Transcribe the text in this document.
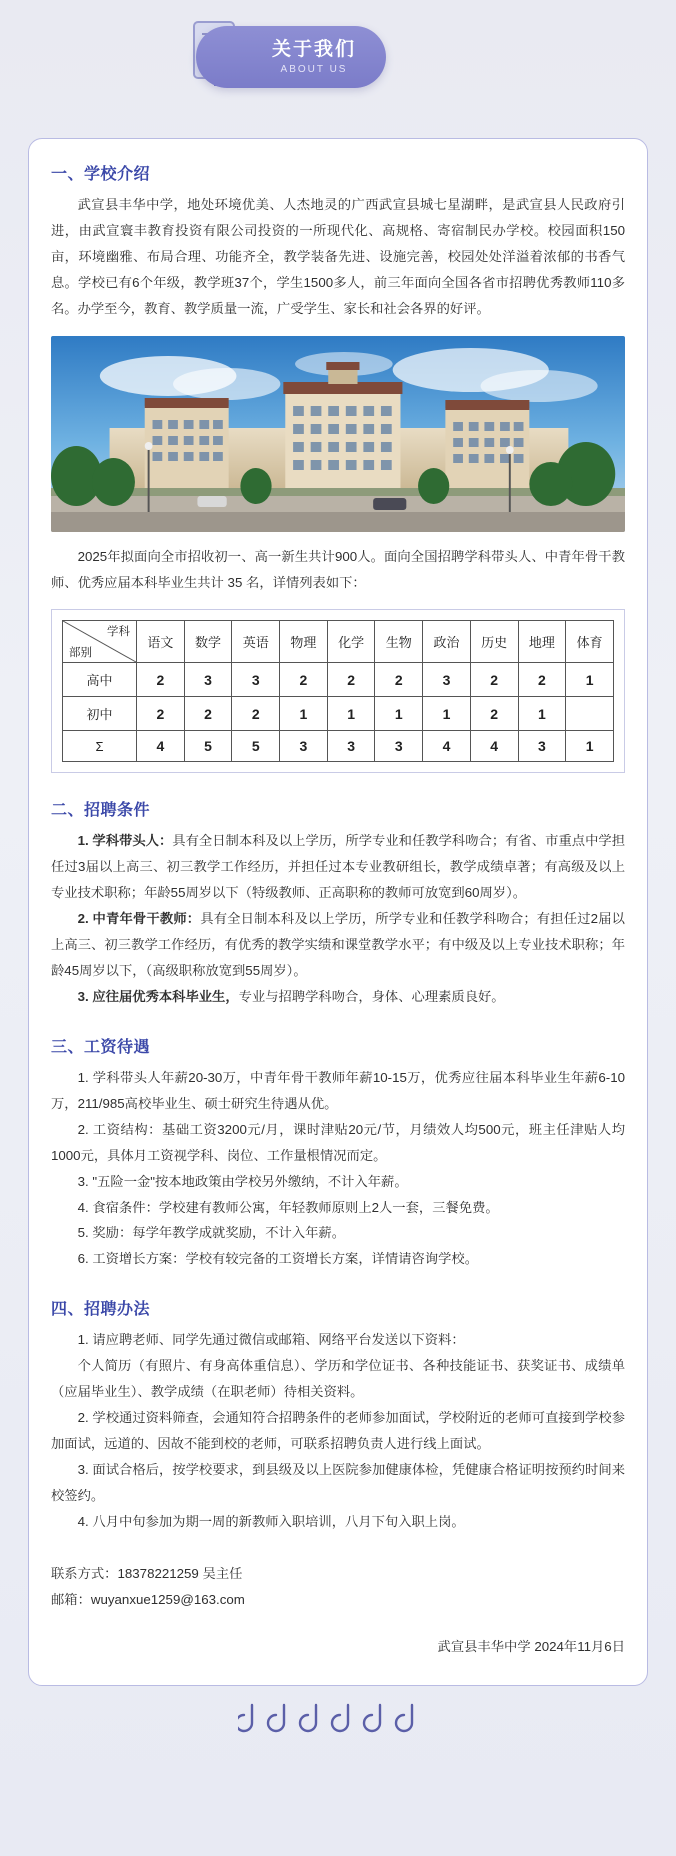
关于我们
ABOUT US
一、学校介绍

武宣县丰华中学，地处环境优美、人杰地灵的广西武宣县城七星湖畔，是武宣县人民政府引进，由武宣寰丰教育投资有限公司投资的一所现代化、高规格、寄宿制民办学校。校园面积150亩，环境幽雅、布局合理、功能齐全，教学装备先进、设施完善，校园处处洋溢着浓郁的书香气息。学校已有6个年级，教学班37个，学生1500多人，前三年面向全国各省市招聘优秀教师110多名。办学至今，教育、教学质量一流，广受学生、家长和社会各界的好评。

2025年拟面向全市招收初一、高一新生共计900人。面向全国招聘学科带头人、中青年骨干教师、优秀应届本科毕业生共计 35 名，详情列表如下：

学科
部别	语文	数学	英语	物理	化学	生物	政治	历史	地理	体育
高中	2	3	3	2	2	2	3	2	2	1
初中	2	2	2	1	1	1	1	2	1	
Σ	4	5	5	3	3	3	4	4	3	1
二、招聘条件

1. 学科带头人：具有全日制本科及以上学历，所学专业和任教学科吻合；有省、市重点中学担任过3届以上高三、初三教学工作经历，并担任过本专业教研组长，教学成绩卓著；有高级及以上专业技术职称；年龄55周岁以下（特级教师、正高职称的教师可放宽到60周岁）。

2. 中青年骨干教师：具有全日制本科及以上学历，所学专业和任教学科吻合；有担任过2届以上高三、初三教学工作经历，有优秀的教学实绩和课堂教学水平；有中级及以上专业技术职称；年龄45周岁以下，（高级职称放宽到55周岁）。

3. 应往届优秀本科毕业生，专业与招聘学科吻合，身体、心理素质良好。

三、工资待遇

1. 学科带头人年薪20-30万，中青年骨干教师年薪10-15万，优秀应往届本科毕业生年薪6-10万，211/985高校毕业生、硕士研究生待遇从优。

2. 工资结构：基础工资3200元/月，课时津贴20元/节，月绩效人均500元，班主任津贴人均1000元，具体月工资视学科、岗位、工作量根情况而定。

3. "五险一金"按本地政策由学校另外缴纳，不计入年薪。

4. 食宿条件：学校建有教师公寓，年轻教师原则上2人一套，三餐免费。

5. 奖励：每学年教学成就奖励，不计入年薪。

6. 工资增长方案：学校有较完备的工资增长方案，详情请咨询学校。

四、招聘办法

1. 请应聘老师、同学先通过微信或邮箱、网络平台发送以下资料：

个人简历（有照片、有身高体重信息）、学历和学位证书、各种技能证书、获奖证书、成绩单（应届毕业生）、教学成绩（在职老师）待相关资料。

2. 学校通过资料筛查，会通知符合招聘条件的老师参加面试，学校附近的老师可直接到学校参加面试，远道的、因故不能到校的老师，可联系招聘负责人进行线上面试。

3. 面试合格后，按学校要求，到县级及以上医院参加健康体检，凭健康合格证明按预约时间来校签约。

4. 八月中旬参加为期一周的新教师入职培训，八月下旬入职上岗。

联系方式：18378221259 吴主任
邮箱：wuyanxue1259@163.com
武宣县丰华中学 2024年11月6日
